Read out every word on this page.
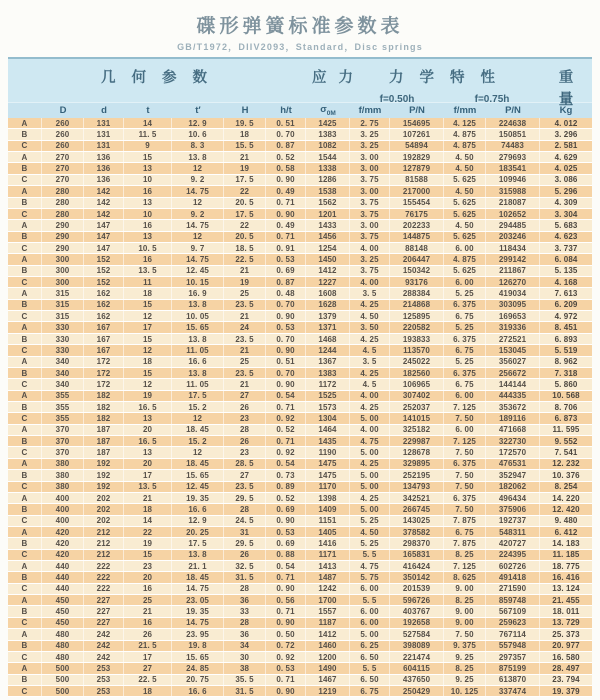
碟形弹簧标准参数表
GB/T1972，DIIV2093，Standard，Disc springs
几 何 参 数	应 力	力 学 特 性	重
f=0.50h	f=0.75h	量
D	d	t	t′	H	h/t	$\sigma_{0M}$	f/mm	P/N	f/mm	P/N	Kg
A	260	131	14	12. 9	19. 5	0. 51	1425	2. 75	154695	4. 125	224638	4. 012
B	260	131	11. 5	10. 6	18	0. 70	1383	3. 25	107261	4. 875	150851	3. 296
C	260	131	9	8. 3	15. 5	0. 87	1082	3. 25	54894	4. 875	74483	2. 581
A	270	136	15	13. 8	21	0. 52	1544	3. 00	192829	4. 50	279693	4. 629
B	270	136	13	12	19	0. 58	1338	3. 00	127879	4. 50	183541	4. 025
C	270	136	10	9. 2	17. 5	0. 90	1286	3. 75	81588	5. 625	109946	3. 086
A	280	142	16	14. 75	22	0. 49	1538	3. 00	217000	4. 50	315988	5. 296
B	280	142	13	12	20. 5	0. 71	1562	3. 75	155454	5. 625	218087	4. 309
C	280	142	10	9. 2	17. 5	0. 90	1201	3. 75	76175	5. 625	102652	3. 304
A	290	147	16	14. 75	22	0. 49	1433	3. 00	202233	4. 50	294485	5. 683
B	290	147	13	12	20. 5	0. 71	1456	3. 75	144875	5. 625	203246	4. 623
C	290	147	10. 5	9. 7	18. 5	0. 91	1254	4. 00	88148	6. 00	118434	3. 737
A	300	152	16	14. 75	22. 5	0. 53	1450	3. 25	206447	4. 875	299142	6. 084
B	300	152	13. 5	12. 45	21	0. 69	1412	3. 75	150342	5. 625	211867	5. 135
C	300	152	11	10. 15	19	0. 87	1227	4. 00	93176	6. 00	126270	4. 168
A	315	162	18	16. 9	25	0. 48	1608	3. 5	288384	5. 25	419034	7. 613
B	315	162	15	13. 8	23. 5	0. 70	1628	4. 25	214868	6. 375	303095	6. 209
C	315	162	12	10. 05	21	0. 90	1379	4. 50	125895	6. 75	169653	4. 972
A	330	167	17	15. 65	24	0. 53	1371	3. 50	220582	5. 25	319336	8. 451
B	330	167	15	13. 8	23. 5	0. 70	1468	4. 25	193833	6. 375	272521	6. 893
C	330	167	12	11. 05	21	0. 90	1244	4. 5	113570	6. 75	153045	5. 519
A	340	172	18	16. 6	25	0. 51	1367	3. 5	245022	5. 25	356027	8. 962
B	340	172	15	13. 8	23. 5	0. 70	1383	4. 25	182560	6. 375	256672	7. 318
C	340	172	12	11. 05	21	0. 90	1172	4. 5	106965	6. 75	144144	5. 860
A	355	182	19	17. 5	27	0. 54	1525	4. 00	307402	6. 00	444335	10. 568
B	355	182	16. 5	15. 2	26	0. 71	1573	4. 25	252037	7. 125	353672	8. 706
C	355	182	13	12	23	0. 92	1304	5. 00	141015	7. 50	189116	6. 873
A	370	187	20	18. 45	28	0. 52	1464	4. 00	325182	6. 00	471668	11. 595
B	370	187	16. 5	15. 2	26	0. 71	1435	4. 75	229987	7. 125	322730	9. 552
C	370	187	13	12	23	0. 92	1190	5. 00	128678	7. 50	172570	7. 541
A	380	192	20	18. 45	28. 5	0. 54	1475	4. 25	329895	6. 375	476531	12. 232
B	380	192	17	15. 65	27	0. 73	1475	5. 00	252195	7. 50	352947	10. 376
C	380	192	13. 5	12. 45	23. 5	0. 89	1170	5. 00	134793	7. 50	182062	8. 254
A	400	202	21	19. 35	29. 5	0. 52	1398	4. 25	342521	6. 375	496434	14. 220
B	400	202	18	16. 6	28	0. 69	1409	5. 00	266745	7. 50	375906	12. 420
C	400	202	14	12. 9	24. 5	0. 90	1151	5. 25	143025	7. 875	192737	9. 480
A	420	212	22	20. 25	31	0. 53	1405	4. 50	378582	6. 75	548311	6. 412
B	420	212	19	17. 5	29. 5	0. 69	1416	5. 25	298370	7. 875	420727	14. 183
C	420	212	15	13. 8	26	0. 88	1171	5. 5	165831	8. 25	224395	11. 185
A	440	222	23	21. 1	32. 5	0. 54	1413	4. 75	416424	7. 125	602726	18. 775
B	440	222	20	18. 45	31. 5	0. 71	1487	5. 75	350142	8. 625	491418	16. 416
C	440	222	16	14. 75	28	0. 90	1242	6. 00	201539	9. 00	271590	13. 124
A	450	227	25	23. 05	36	0. 56	1700	5. 5	596726	8. 25	859748	21. 455
B	450	227	21	19. 35	33	0. 71	1557	6. 00	403767	9. 00	567109	18. 011
C	450	227	16	14. 75	28	0. 90	1187	6. 00	192658	9. 00	259623	13. 729
A	480	242	26	23. 95	36	0. 50	1412	5. 00	527584	7. 50	767114	25. 373
B	480	242	21. 5	19. 8	34	0. 72	1460	6. 25	398089	9. 375	557948	20. 977
C	480	242	17	15. 65	30	0. 92	1200	6. 50	221474	9. 25	297357	16. 580
A	500	253	27	24. 85	38	0. 53	1490	5. 5	604115	8. 25	875199	28. 497
B	500	253	22. 5	20. 75	35. 5	0. 71	1467	6. 50	437650	9. 25	613870	23. 794
C	500	253	18	16. 6	31. 5	0. 90	1219	6. 75	250429	10. 125	337474	19. 379
